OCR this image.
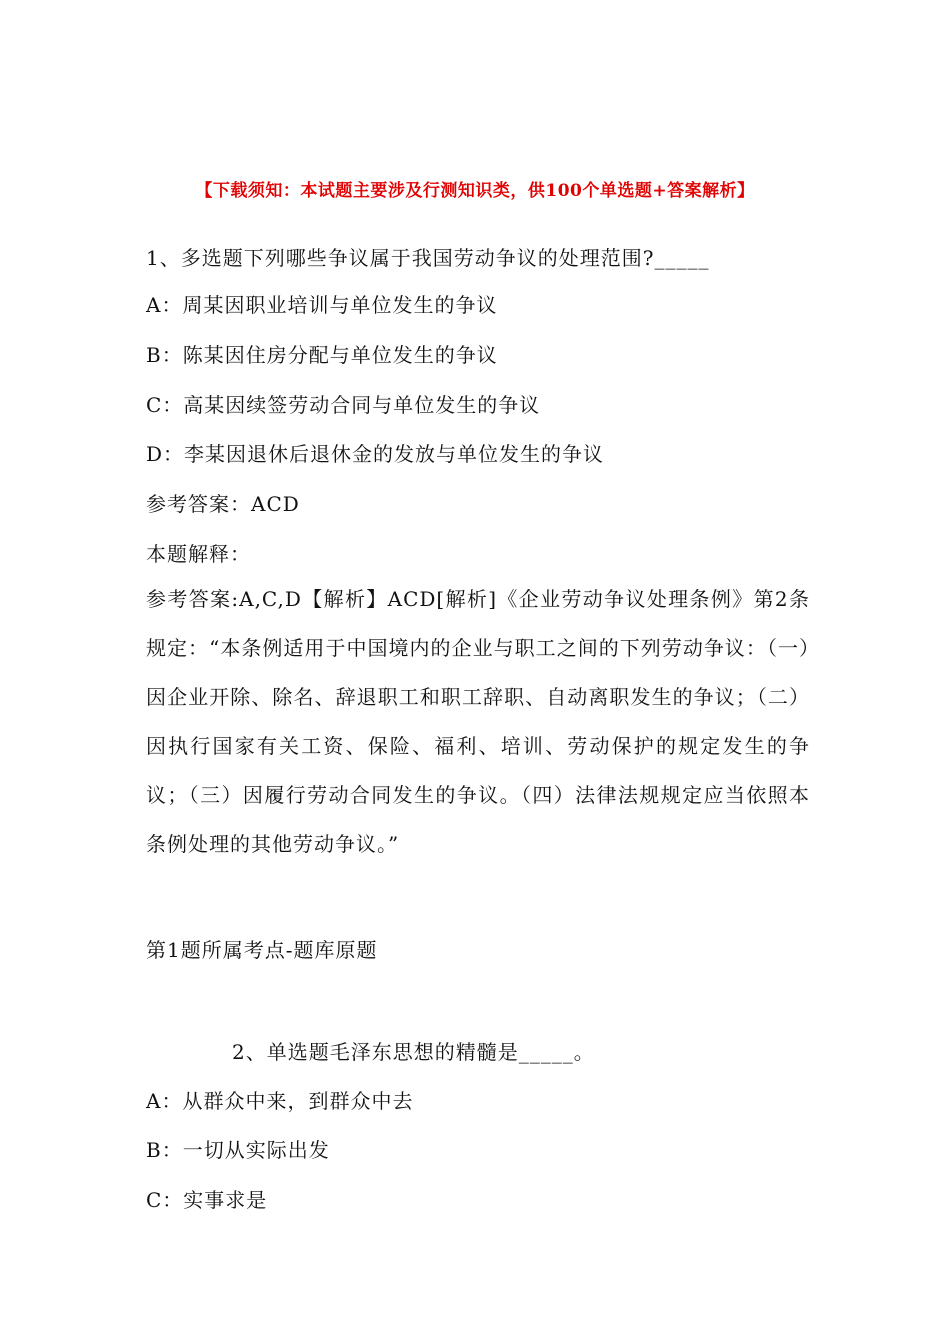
【下载须知：本试题主要涉及行测知识类，供100个单选题+答案解析】
1、多选题下列哪些争议属于我国劳动争议的处理范围?_____
A：周某因职业培训与单位发生的争议
B：陈某因住房分配与单位发生的争议
C：高某因续签劳动合同与单位发生的争议
D：李某因退休后退休金的发放与单位发生的争议
参考答案：ACD
本题解释：
参考答案:A,C,D【解析】ACD[解析]《企业劳动争议处理条例》第2条规定：“本条例适用于中国境内的企业与职工之间的下列劳动争议：（一）因企业开除、除名、辞退职工和职工辞职、自动离职发生的争议；（二）因执行国家有关工资、保险、福利、培训、劳动保护的规定发生的争议；（三）因履行劳动合同发生的争议。（四）法律法规规定应当依照本条例处理的其他劳动争议。”
第1题所属考点-题库原题
2、单选题毛泽东思想的精髓是_____。
A：从群众中来，到群众中去
B：一切从实际出发
C：实事求是
